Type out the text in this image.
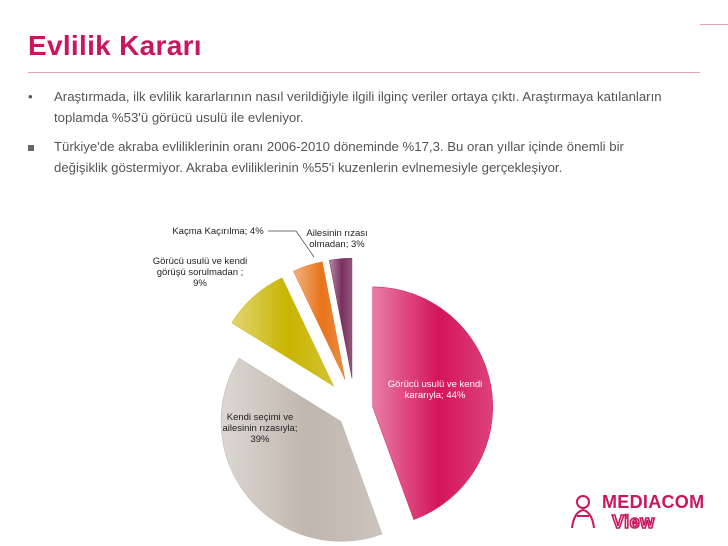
Evlilik Kararı
•	Araştırmada, ilk evlilik kararlarının nasıl verildiğiyle ilgili ilginç veriler ortaya çıktı. Araştırmaya katılanların toplamda %53'ü görücü usulü ile evleniyor.
Türkiye'de akraba evliliklerinin oranı 2006-2010 döneminde %17,3. Bu oran yıllar içinde önemli bir değişiklik göstermiyor. Akraba evliliklerinin %55'i kuzenlerin evlnemesiyle gerçekleşiyor.
Görücü usulü ve kendi kararıyla; 44%
Kendi seçimi ve ailesinin rızasıyla; 39%
Görücü usulü ve kendi görüşü sorulmadan ; 9%
Kaçma Kaçırılma; 4%	Ailesinin rızası olmadan; 3%
MEDIACOM
View
